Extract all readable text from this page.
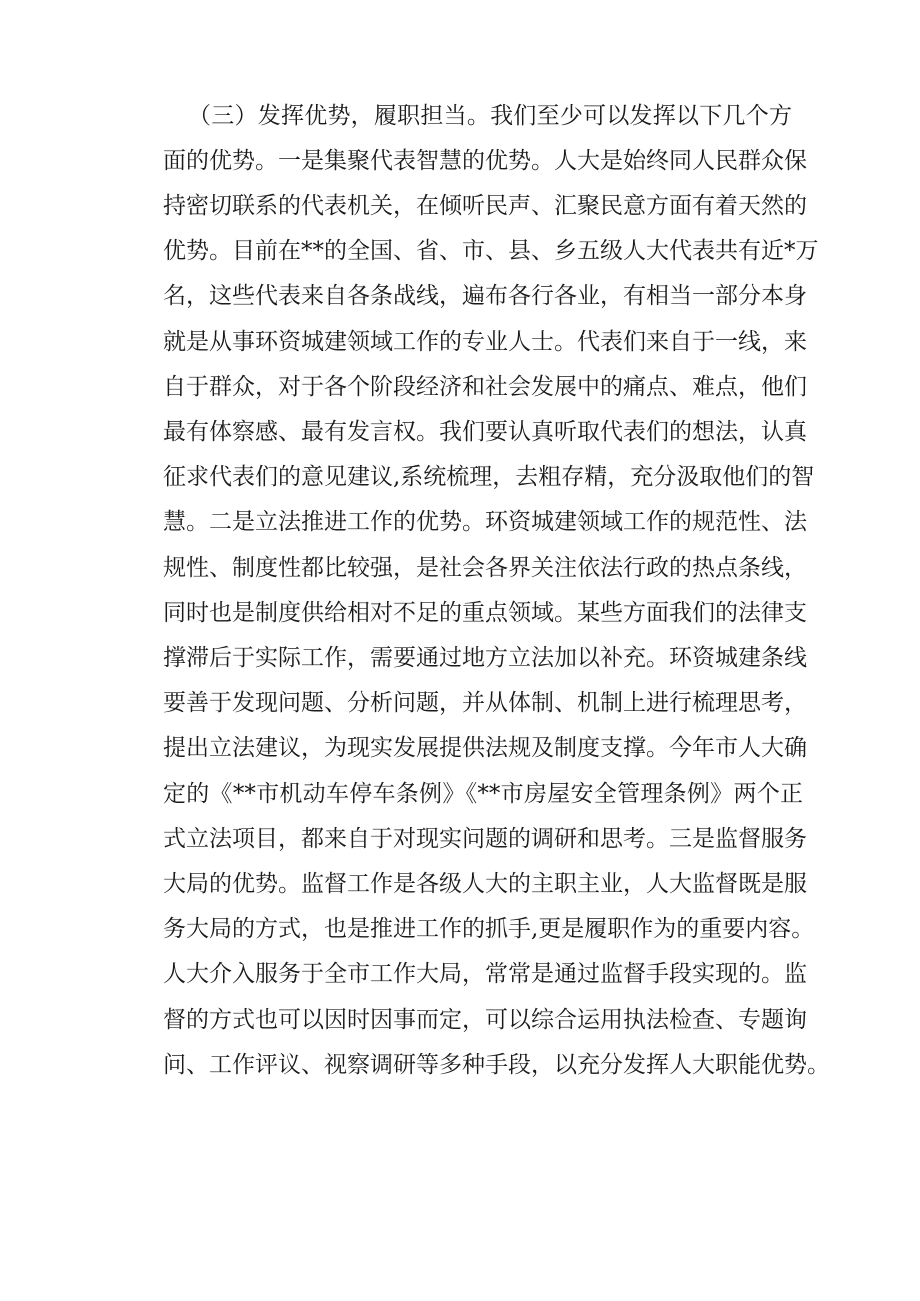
（三）发挥优势，履职担当。我们至少可以发挥以下几个方
面的优势。一是集聚代表智慧的优势。人大是始终同人民群众保
持密切联系的代表机关，在倾听民声、汇聚民意方面有着天然的
优势。目前在**的全国、省、市、县、乡五级人大代表共有近*万
名，这些代表来自各条战线，遍布各行各业，有相当一部分本身
就是从事环资城建领域工作的专业人士。代表们来自于一线，来
自于群众，对于各个阶段经济和社会发展中的痛点、难点，他们
最有体察感、最有发言权。我们要认真听取代表们的想法，认真
征求代表们的意见建议,系统梳理，去粗存精，充分汲取他们的智
慧。二是立法推进工作的优势。环资城建领域工作的规范性、法
规性、制度性都比较强，是社会各界关注依法行政的热点条线，
同时也是制度供给相对不足的重点领域。某些方面我们的法律支
撑滞后于实际工作，需要通过地方立法加以补充。环资城建条线
要善于发现问题、分析问题，并从体制、机制上进行梳理思考，
提出立法建议，为现实发展提供法规及制度支撑。今年市人大确
定的《**市机动车停车条例》《**市房屋安全管理条例》两个正
式立法项目，都来自于对现实问题的调研和思考。三是监督服务
大局的优势。监督工作是各级人大的主职主业，人大监督既是服
务大局的方式，也是推进工作的抓手,更是履职作为的重要内容。
人大介入服务于全市工作大局，常常是通过监督手段实现的。监
督的方式也可以因时因事而定，可以综合运用执法检查、专题询
问、工作评议、视察调研等多种手段，以充分发挥人大职能优势。
